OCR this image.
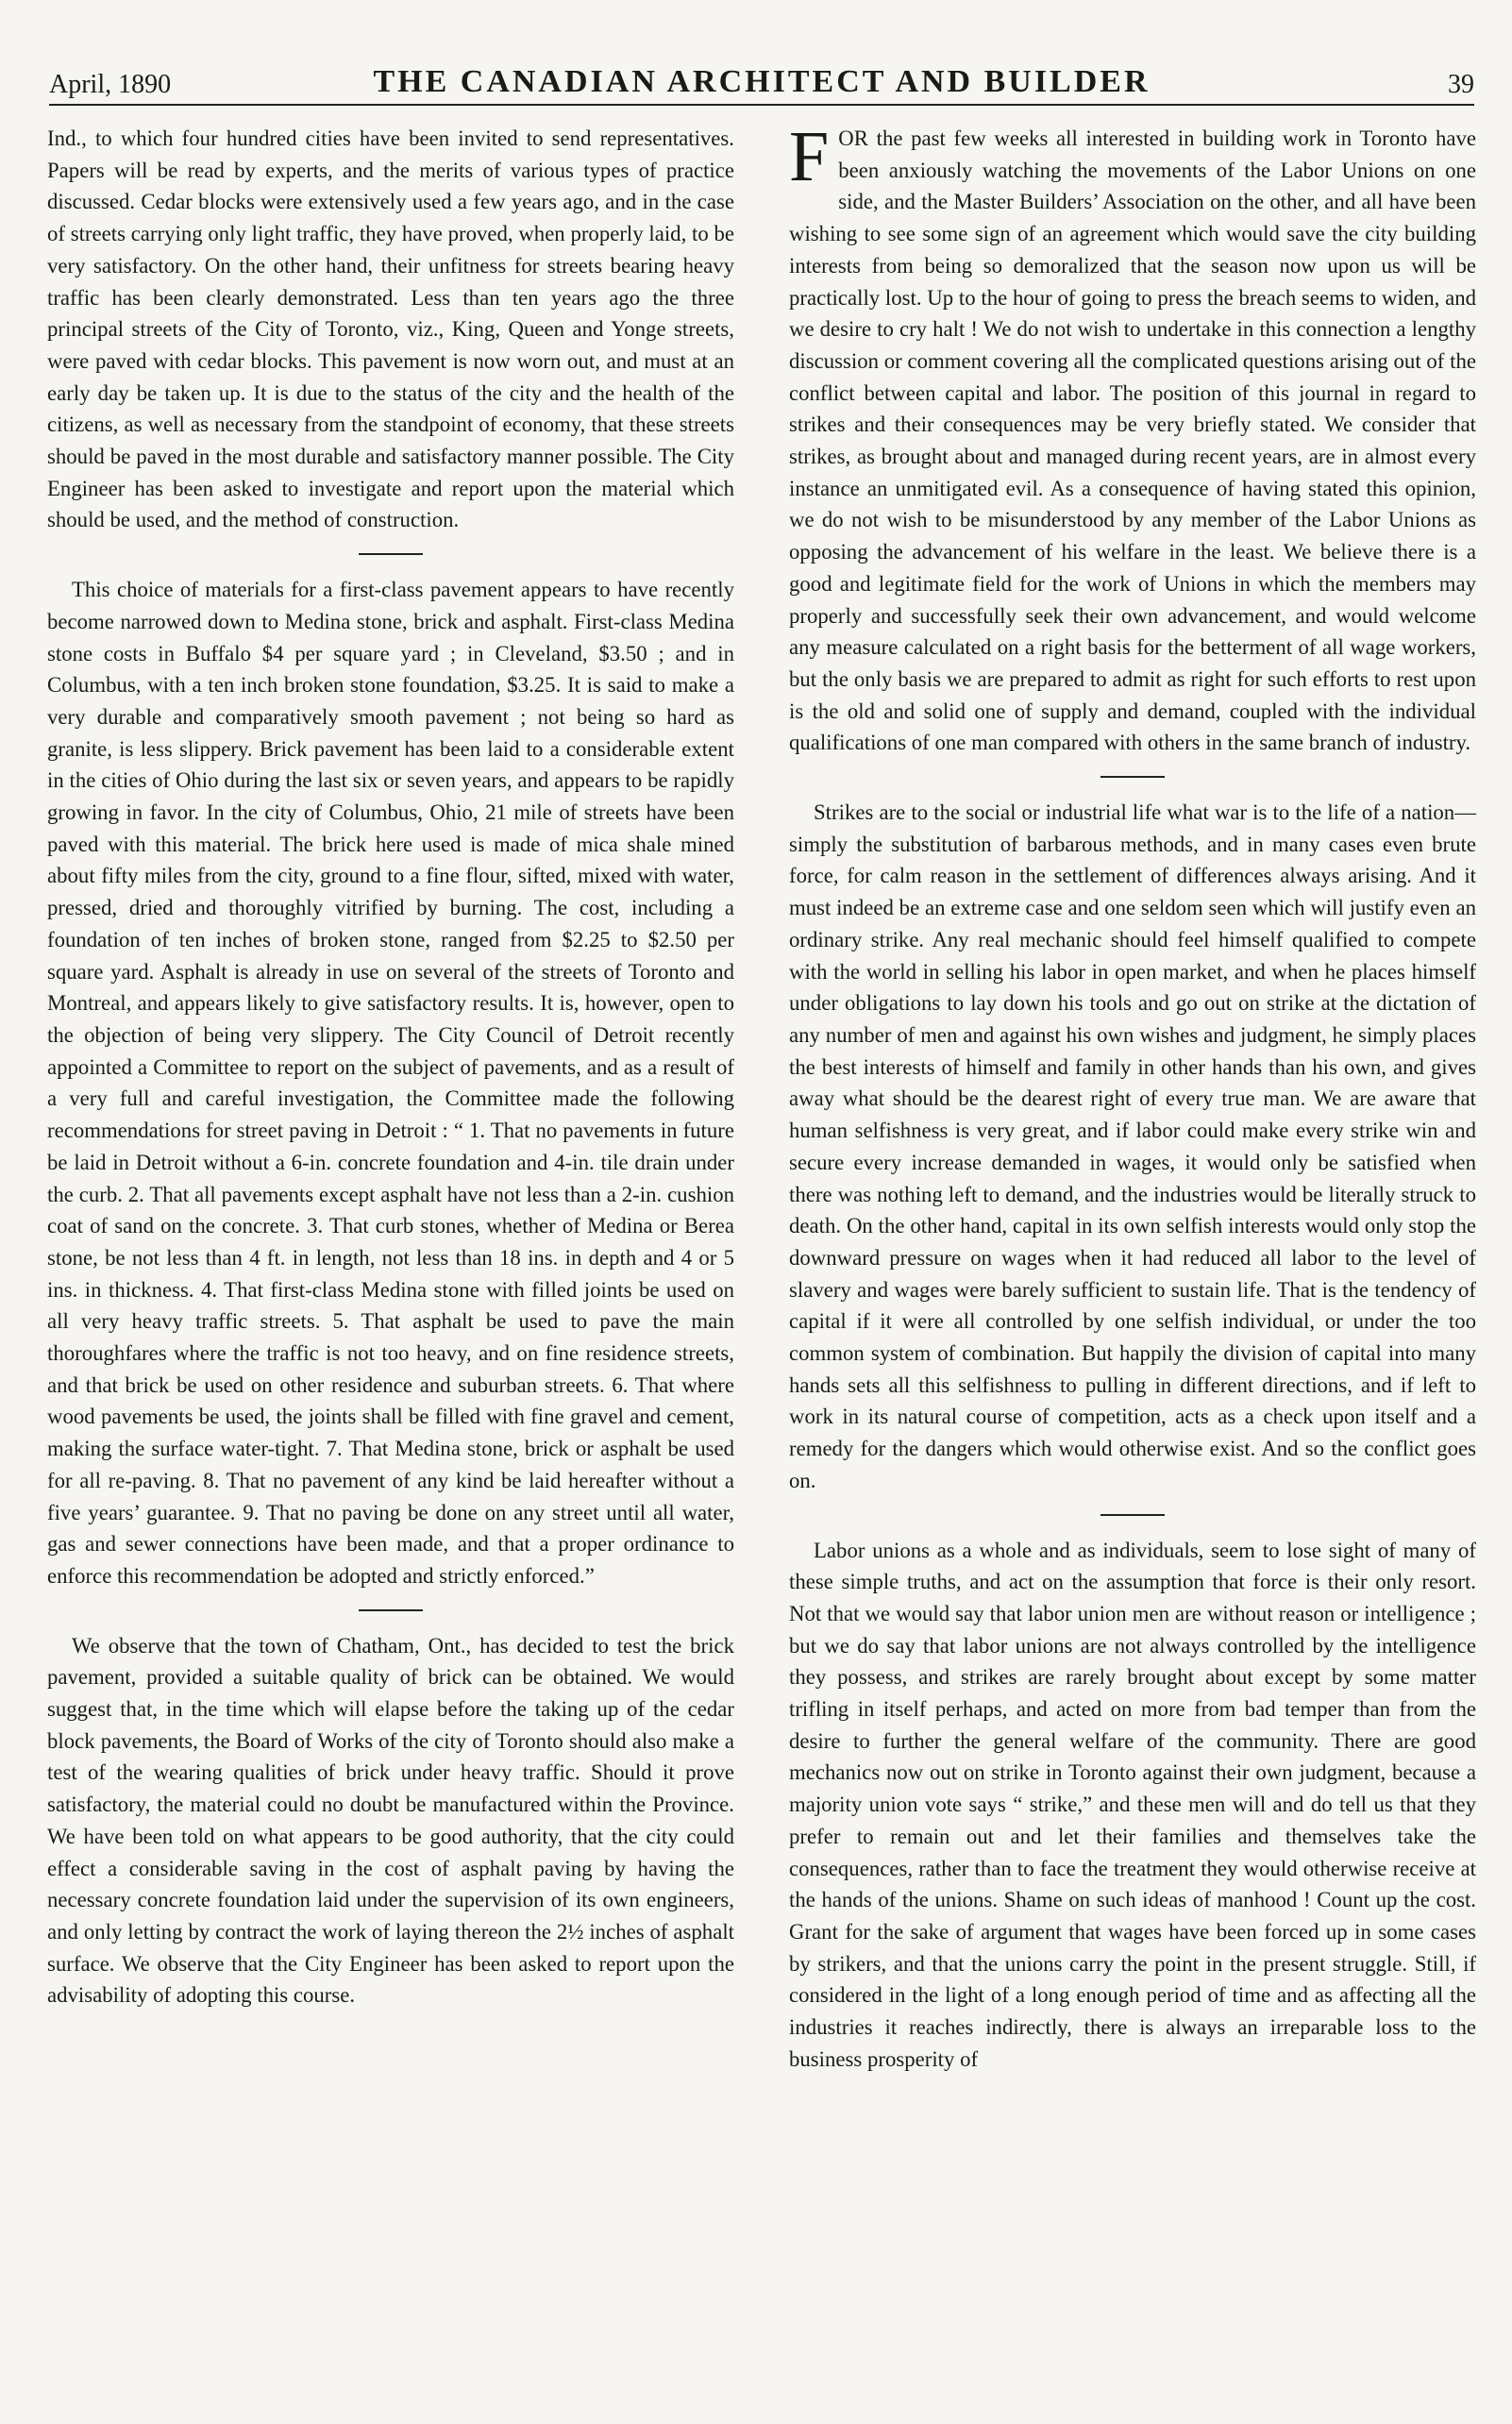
April, 1890	THE CANADIAN ARCHITECT AND BUILDER	39

Ind., to which four hundred cities have been invited to send representatives. Papers will be read by experts, and the merits of various types of practice discussed. Cedar blocks were extensively used a few years ago, and in the case of streets carrying only light traffic, they have proved, when properly laid, to be very satisfactory. On the other hand, their unfitness for streets bearing heavy traffic has been clearly demonstrated. Less than ten years ago the three principal streets of the City of Toronto, viz., King, Queen and Yonge streets, were paved with cedar blocks. This pavement is now worn out, and must at an early day be taken up. It is due to the status of the city and the health of the citizens, as well as necessary from the standpoint of economy, that these streets should be paved in the most durable and satisfactory manner possible. The City Engineer has been asked to investigate and report upon the material which should be used, and the method of construction.

This choice of materials for a first-class pavement appears to have recently become narrowed down to Medina stone, brick and asphalt. First-class Medina stone costs in Buffalo $4 per square yard ; in Cleveland, $3.50 ; and in Columbus, with a ten inch broken stone foundation, $3.25. It is said to make a very durable and comparatively smooth pavement ; not being so hard as granite, is less slippery. Brick pavement has been laid to a considerable extent in the cities of Ohio during the last six or seven years, and appears to be rapidly growing in favor. In the city of Columbus, Ohio, 21 mile of streets have been paved with this material. The brick here used is made of mica shale mined about fifty miles from the city, ground to a fine flour, sifted, mixed with water, pressed, dried and thoroughly vitrified by burning. The cost, including a foundation of ten inches of broken stone, ranged from $2.25 to $2.50 per square yard. Asphalt is already in use on several of the streets of Toronto and Montreal, and appears likely to give satisfactory results. It is, however, open to the objection of being very slippery. The City Council of Detroit recently appointed a Committee to report on the subject of pavements, and as a result of a very full and careful investigation, the Committee made the following recommendations for street paving in Detroit : “ 1. That no pavements in future be laid in Detroit without a 6-in. concrete foundation and 4-in. tile drain under the curb. 2. That all pavements except asphalt have not less than a 2-in. cushion coat of sand on the concrete. 3. That curb stones, whether of Medina or Berea stone, be not less than 4 ft. in length, not less than 18 ins. in depth and 4 or 5 ins. in thickness. 4. That first-class Medina stone with filled joints be used on all very heavy traffic streets. 5. That asphalt be used to pave the main thoroughfares where the traffic is not too heavy, and on fine residence streets, and that brick be used on other residence and suburban streets. 6. That where wood pavements be used, the joints shall be filled with fine gravel and cement, making the surface water-tight. 7. That Medina stone, brick or asphalt be used for all re-paving. 8. That no pavement of any kind be laid hereafter without a five years’ guarantee. 9. That no paving be done on any street until all water, gas and sewer connections have been made, and that a proper ordinance to enforce this recommendation be adopted and strictly enforced.”

We observe that the town of Chatham, Ont., has decided to test the brick pavement, provided a suitable quality of brick can be obtained. We would suggest that, in the time which will elapse before the taking up of the cedar block pavements, the Board of Works of the city of Toronto should also make a test of the wearing qualities of brick under heavy traffic. Should it prove satisfactory, the material could no doubt be manufactured within the Province. We have been told on what appears to be good authority, that the city could effect a considerable saving in the cost of asphalt paving by having the necessary concrete foundation laid under the supervision of its own engineers, and only letting by contract the work of laying thereon the 2½ inches of asphalt surface. We observe that the City Engineer has been asked to report upon the advisability of adopting this course.

FOR the past few weeks all interested in building work in Toronto have been anxiously watching the movements of the Labor Unions on one side, and the Master Builders’ Association on the other, and all have been wishing to see some sign of an agreement which would save the city building interests from being so demoralized that the season now upon us will be practically lost. Up to the hour of going to press the breach seems to widen, and we desire to cry halt ! We do not wish to undertake in this connection a lengthy discussion or comment covering all the complicated questions arising out of the conflict between capital and labor. The position of this journal in regard to strikes and their consequences may be very briefly stated. We consider that strikes, as brought about and managed during recent years, are in almost every instance an unmitigated evil. As a consequence of having stated this opinion, we do not wish to be misunderstood by any member of the Labor Unions as opposing the advancement of his welfare in the least. We believe there is a good and legitimate field for the work of Unions in which the members may properly and successfully seek their own advancement, and would welcome any measure calculated on a right basis for the betterment of all wage workers, but the only basis we are prepared to admit as right for such efforts to rest upon is the old and solid one of supply and demand, coupled with the individual qualifications of one man compared with others in the same branch of industry.

Strikes are to the social or industrial life what war is to the life of a nation—simply the substitution of barbarous methods, and in many cases even brute force, for calm reason in the settlement of differences always arising. And it must indeed be an extreme case and one seldom seen which will justify even an ordinary strike. Any real mechanic should feel himself qualified to compete with the world in selling his labor in open market, and when he places himself under obligations to lay down his tools and go out on strike at the dictation of any number of men and against his own wishes and judgment, he simply places the best interests of himself and family in other hands than his own, and gives away what should be the dearest right of every true man. We are aware that human selfishness is very great, and if labor could make every strike win and secure every increase demanded in wages, it would only be satisfied when there was nothing left to demand, and the industries would be literally struck to death. On the other hand, capital in its own selfish interests would only stop the downward pressure on wages when it had reduced all labor to the level of slavery and wages were barely sufficient to sustain life. That is the tendency of capital if it were all controlled by one selfish individual, or under the too common system of combination. But happily the division of capital into many hands sets all this selfishness to pulling in different directions, and if left to work in its natural course of competition, acts as a check upon itself and a remedy for the dangers which would otherwise exist. And so the conflict goes on.

Labor unions as a whole and as individuals, seem to lose sight of many of these simple truths, and act on the assumption that force is their only resort. Not that we would say that labor union men are without reason or intelligence ; but we do say that labor unions are not always controlled by the intelligence they possess, and strikes are rarely brought about except by some matter trifling in itself perhaps, and acted on more from bad temper than from the desire to further the general welfare of the community. There are good mechanics now out on strike in Toronto against their own judgment, because a majority union vote says “ strike,” and these men will and do tell us that they prefer to remain out and let their families and themselves take the consequences, rather than to face the treatment they would otherwise receive at the hands of the unions. Shame on such ideas of manhood ! Count up the cost. Grant for the sake of argument that wages have been forced up in some cases by strikers, and that the unions carry the point in the present struggle. Still, if considered in the light of a long enough period of time and as affecting all the industries it reaches indirectly, there is always an irreparable loss to the business prosperity of
